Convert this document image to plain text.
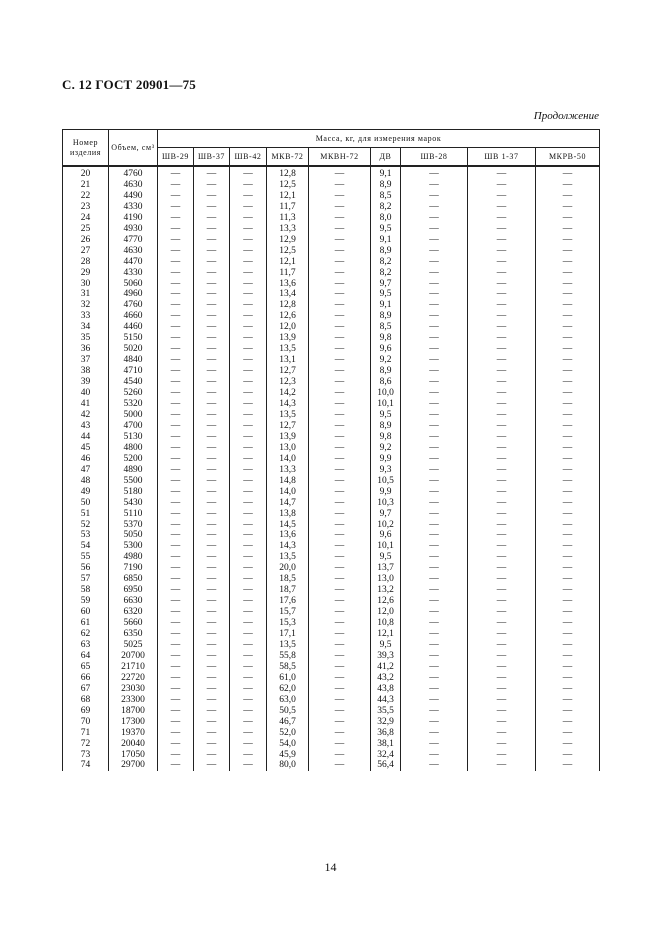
С. 12 ГОСТ 20901—75
Продолжение
Номер изделия	Объем, см³	Масса, кг, для измерения марок								
		ШВ-29	ШВ-37	ШВ-42	МКВ-72	МКВН-72	ДВ	ШВ-28	ШВ 1-37	МКРВ-50
20	4760	—	—	—	12,8	—	9,1	—	—	—
21	4630	—	—	—	12,5	—	8,9	—	—	—
22	4490	—	—	—	12,1	—	8,5	—	—	—
23	4330	—	—	—	11,7	—	8,2	—	—	—
24	4190	—	—	—	11,3	—	8,0	—	—	—
25	4930	—	—	—	13,3	—	9,5	—	—	—
26	4770	—	—	—	12,9	—	9,1	—	—	—
27	4630	—	—	—	12,5	—	8,9	—	—	—
28	4470	—	—	—	12,1	—	8,2	—	—	—
29	4330	—	—	—	11,7	—	8,2	—	—	—
30	5060	—	—	—	13,6	—	9,7	—	—	—
31	4960	—	—	—	13,4	—	9,5	—	—	—
32	4760	—	—	—	12,8	—	9,1	—	—	—
33	4660	—	—	—	12,6	—	8,9	—	—	—
34	4460	—	—	—	12,0	—	8,5	—	—	—
35	5150	—	—	—	13,9	—	9,8	—	—	—
36	5020	—	—	—	13,5	—	9,6	—	—	—
37	4840	—	—	—	13,1	—	9,2	—	—	—
38	4710	—	—	—	12,7	—	8,9	—	—	—
39	4540	—	—	—	12,3	—	8,6	—	—	—
40	5260	—	—	—	14,2	—	10,0	—	—	—
41	5320	—	—	—	14,3	—	10,1	—	—	—
42	5000	—	—	—	13,5	—	9,5	—	—	—
43	4700	—	—	—	12,7	—	8,9	—	—	—
44	5130	—	—	—	13,9	—	9,8	—	—	—
45	4800	—	—	—	13,0	—	9,2	—	—	—
46	5200	—	—	—	14,0	—	9,9	—	—	—
47	4890	—	—	—	13,3	—	9,3	—	—	—
48	5500	—	—	—	14,8	—	10,5	—	—	—
49	5180	—	—	—	14,0	—	9,9	—	—	—
50	5430	—	—	—	14,7	—	10,3	—	—	—
51	5110	—	—	—	13,8	—	9,7	—	—	—
52	5370	—	—	—	14,5	—	10,2	—	—	—
53	5050	—	—	—	13,6	—	9,6	—	—	—
54	5300	—	—	—	14,3	—	10,1	—	—	—
55	4980	—	—	—	13,5	—	9,5	—	—	—
56	7190	—	—	—	20,0	—	13,7	—	—	—
57	6850	—	—	—	18,5	—	13,0	—	—	—
58	6950	—	—	—	18,7	—	13,2	—	—	—
59	6630	—	—	—	17,6	—	12,6	—	—	—
60	6320	—	—	—	15,7	—	12,0	—	—	—
61	5660	—	—	—	15,3	—	10,8	—	—	—
62	6350	—	—	—	17,1	—	12,1	—	—	—
63	5025	—	—	—	13,5	—	9,5	—	—	—
64	20700	—	—	—	55,8	—	39,3	—	—	—
65	21710	—	—	—	58,5	—	41,2	—	—	—
66	22720	—	—	—	61,0	—	43,2	—	—	—
67	23030	—	—	—	62,0	—	43,8	—	—	—
68	23300	—	—	—	63,0	—	44,3	—	—	—
69	18700	—	—	—	50,5	—	35,5	—	—	—
70	17300	—	—	—	46,7	—	32,9	—	—	—
71	19370	—	—	—	52,0	—	36,8	—	—	—
72	20040	—	—	—	54,0	—	38,1	—	—	—
73	17050	—	—	—	45,9	—	32,4	—	—	—
74	29700	—	—	—	80,0	—	56,4	—	—	—
14
